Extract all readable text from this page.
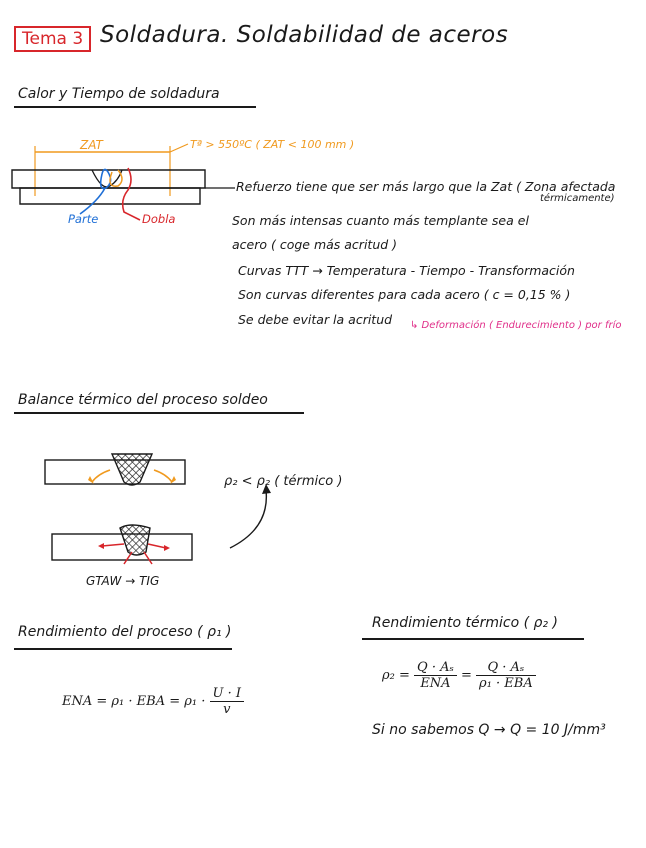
Tema 3 Soldadura. Soldabilidad de aceros
Calor y Tiempo de soldadura
ZAT	Tª > 550ºC ( ZAT < 100 mm )
Parte	Dobla
Refuerzo tiene que ser más largo que la Zat ( Zona afectada
térmicamente)
Son más intensas cuanto más templante sea el
acero ( coge más acritud )
Curvas TTT → Temperatura - Tiempo - Transformación
Son curvas diferentes para cada acero ( c = 0,15 % )
Se debe evitar la acritud ↳ Deformación ( Endurecimiento ) por frío
Balance térmico del proceso soldeo
ρ₂ < ρ₂ ( térmico )
GTAW → TIG
Rendimiento del proceso ( ρ₁ )
ENA = ρ₁ · EBA = $\rho_1 \cdot \frac{U \cdot I}{v}$
Rendimiento térmico ( ρ₂ )
$\rho_2 = \frac{\text{Q · Aₛ}}{\text{ENA}} = \frac{\text{Q · Aₛ}}{\text{ρ₁ · EBA}}$
Si no sabemos Q → Q = 10 J/mm³
